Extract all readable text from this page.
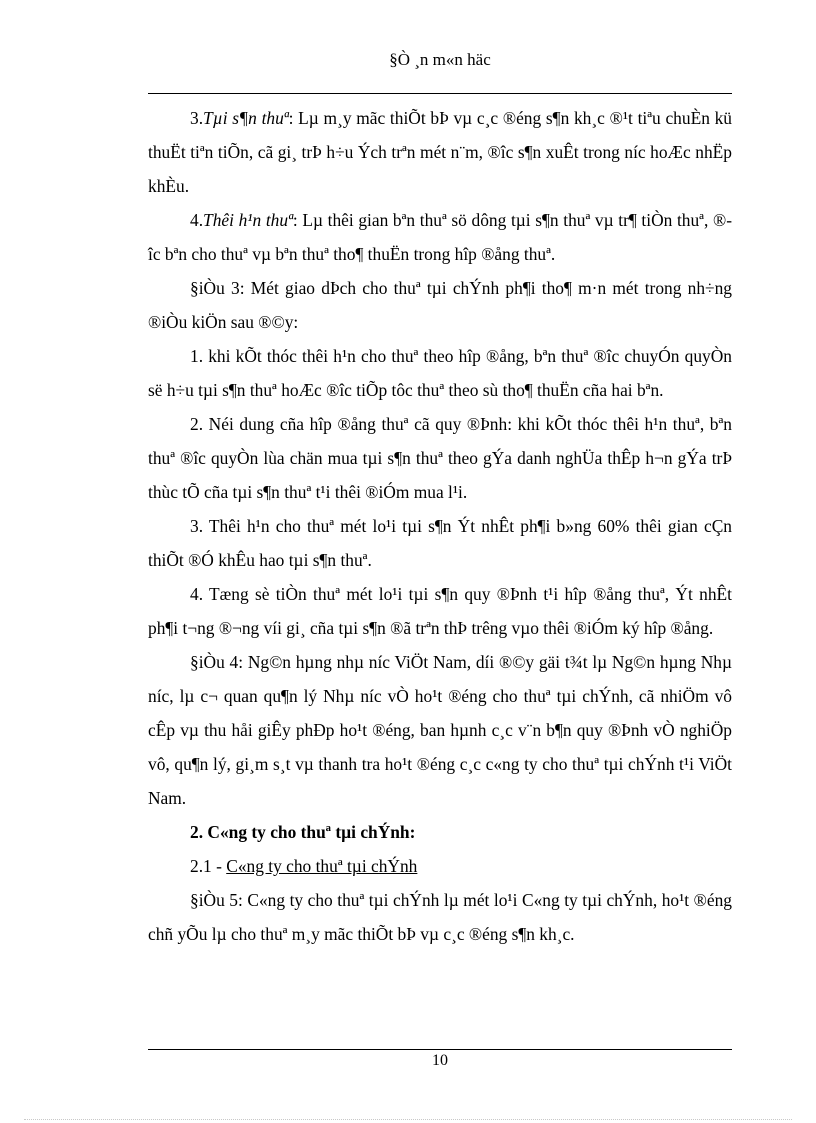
§Ò ¸n m«n häc

3.Tµi s¶n thuª: Lµ m¸y mãc thiÕt bÞ vµ c¸c ®éng s¶n kh¸c ®¹t tiªu chuÈn kü thuËt tiªn tiÕn, cã gi¸ trÞ h÷u Ých trªn mét n¨m, ®îc s¶n xuÊt trong níc hoÆc nhËp khÈu.

4.Thêi h¹n thuª: Lµ thêi gian bªn thuª sö dông tµi s¶n thuª vµ tr¶ tiÒn thuª, ®îc bªn cho thuª vµ bªn thuª tho¶ thuËn trong hîp ®ång thuª.

§iÒu 3: Mét giao dÞch cho thuª tµi chÝnh ph¶i tho¶ m·n mét trong nh÷ng ®iÒu kiÖn sau ®©y:

1. khi kÕt thóc thêi h¹n cho thuª theo hîp ®ång, bªn thuª ®îc chuyÓn quyÒn së h÷u tµi s¶n thuª hoÆc ®îc tiÕp tôc thuª theo sù tho¶ thuËn cña hai bªn.

2. Néi dung cña hîp ®ång thuª cã quy ®Þnh: khi kÕt thóc thêi h¹n thuª, bªn thuª ®îc quyÒn lùa chän mua tµi s¶n thuª theo gÝa danh nghÜa thÊp h¬n gÝa trÞ thùc tÕ cña tµi s¶n thuª t¹i thêi ®iÓm mua l¹i.

3. Thêi h¹n cho thuª mét lo¹i tµi s¶n Ýt nhÊt ph¶i b»ng 60% thêi gian cÇn thiÕt ®Ó khÊu hao tµi s¶n thuª.

4. Tæng sè tiÒn thuª mét lo¹i tµi s¶n quy ®Þnh t¹i hîp ®ång thuª, Ýt nhÊt ph¶i t¬ng ®¬ng víi gi¸ cña tµi s¶n ®ã trªn thÞ trêng vµo thêi ®iÓm ký hîp ®ång.

§iÒu 4: Ng©n hµng nhµ níc ViÖt Nam, díi ®©y gäi t¾t lµ Ng©n hµng Nhµ níc, lµ c¬ quan qu¶n lý Nhµ níc vÒ ho¹t ®éng cho thuª tµi chÝnh, cã nhiÖm vô cÊp vµ thu håi giÊy phÐp ho¹t ®éng, ban hµnh c¸c v¨n b¶n quy ®Þnh vÒ nghiÖp vô, qu¶n lý, gi¸m s¸t vµ thanh tra ho¹t ®éng c¸c c«ng ty cho thuª tµi chÝnh t¹i ViÖt Nam.

2. C«ng ty cho thuª tµi chÝnh:

2.1 - C«ng ty cho thuª tµi chÝnh

§iÒu 5: C«ng ty cho thuª tµi chÝnh lµ mét lo¹i C«ng ty tµi chÝnh, ho¹t ®éng chñ yÕu lµ cho thuª m¸y mãc thiÕt bÞ vµ c¸c ®éng s¶n kh¸c.

10
